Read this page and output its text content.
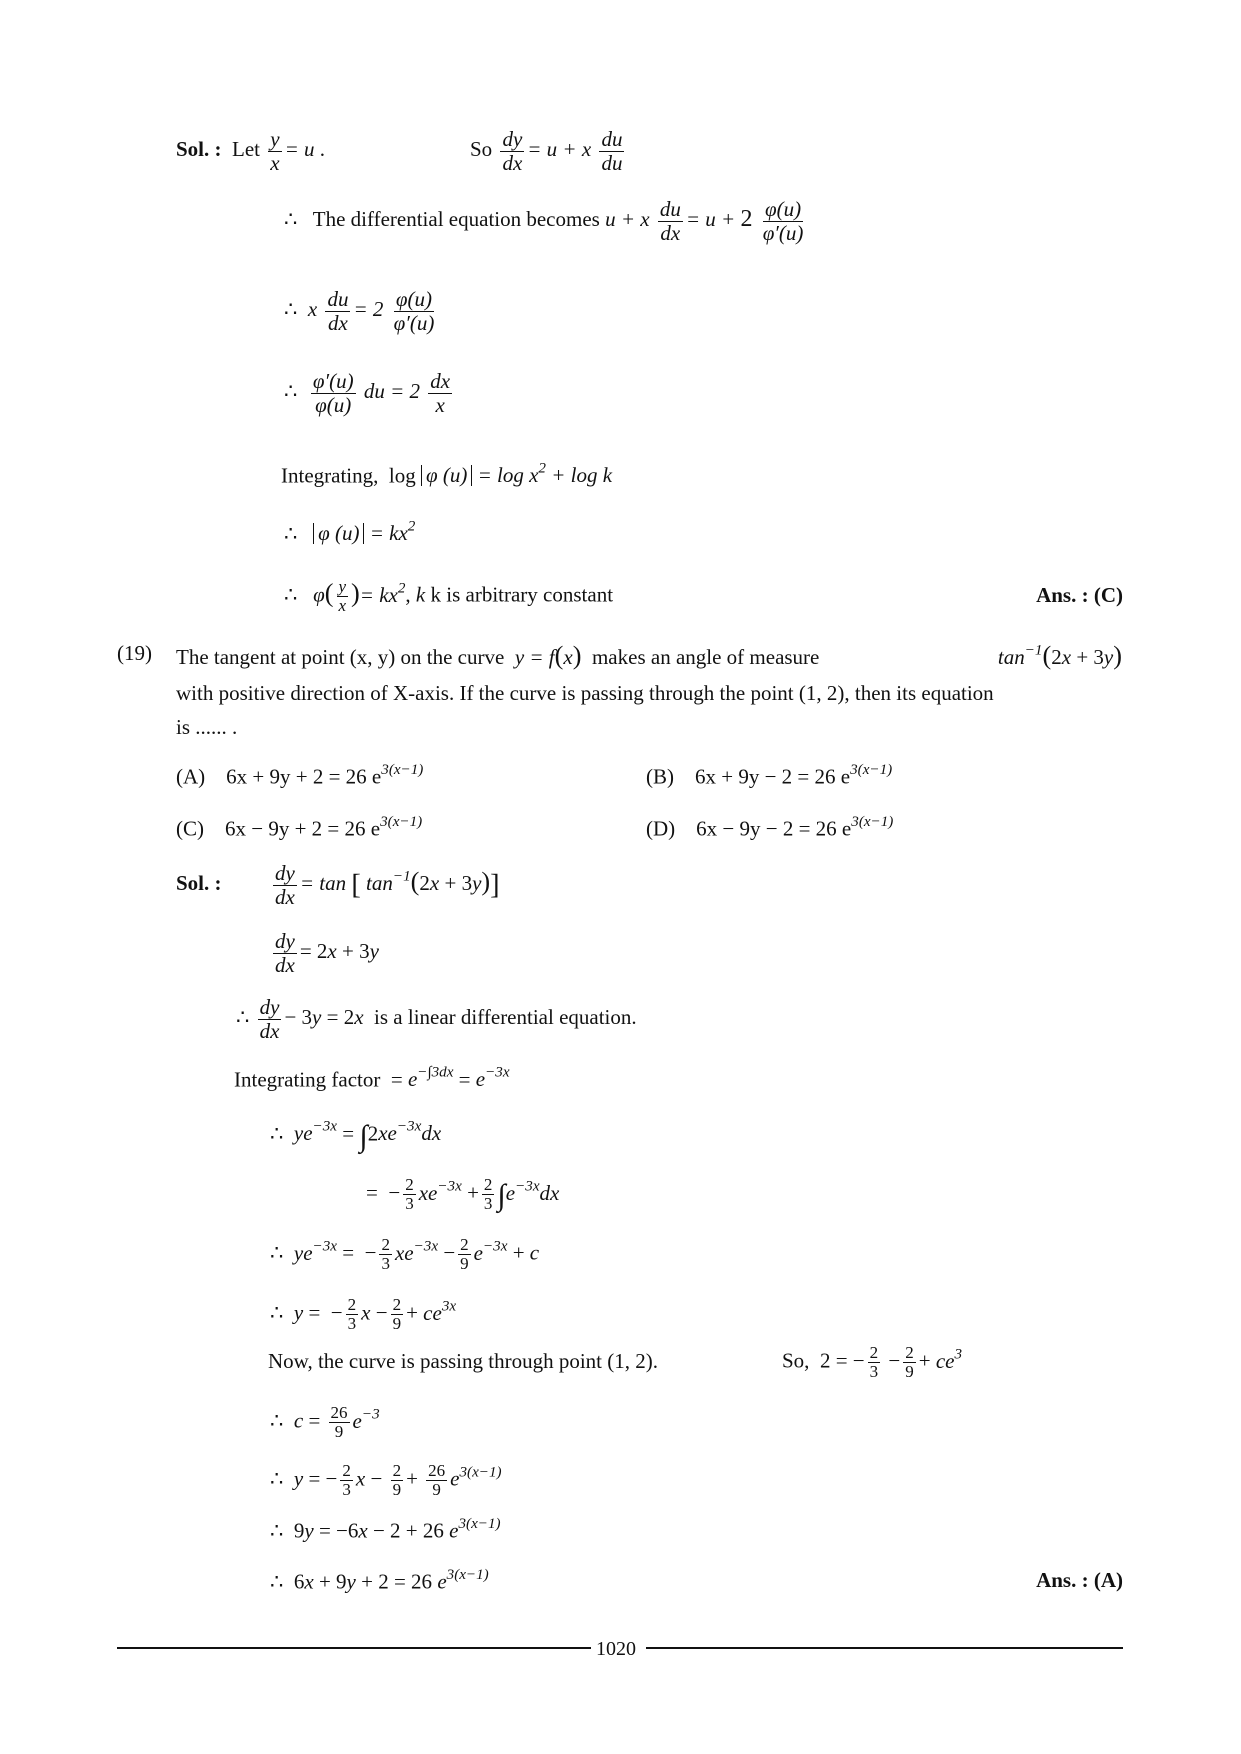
Sol. : Let $\frac{y}{x} = u$ .	So $\frac{dy}{dx} = u + x \frac{du}{du}$
∴ The differential equation becomes u + x $\frac{du}{dx} = u + 2 \frac{\varphi(u)}{\varphi'(u)}$
∴ x $\frac{du}{dx} = 2 \frac{\varphi(u)}{\varphi'(u)}$
∴ $\frac{\varphi'(u)}{\varphi(u)}$ du = $2 \frac{dx}{x}$
Integrating,  log φ $(u) = \log x^2 + \log k$
∴ φ $(u) = kx^2$
∴ $\varphi( \frac{y}{x}$ )= $kx^2$, k k is arbitrary constant	Ans. : (C)
(19) The tangent at point (x, y) on the curve y = f(x) makes an angle of measure	$\tan^{-1}(2x + 3y)$
with positive direction of X-axis. If the curve is passing through the point (1, 2), then its equation
is ...... .
(A) 6x + 9y + 2 = 26 $e^{3(x-1)}$	(B) 6x + 9y − 2 = 26 $e^{3(x-1)}$
(C) 6x − 9y + 2 = 26 $e^{3(x-1)}$	(D) 6x − 9y − 2 = 26 $e^{3(x-1)}$
Sol. : $\frac{dy}{dx} = \tan$ [ $\tan^{-1}(2x + 3y)$]
$\frac{dy}{dx} = 2x + 3y$
∴ $\frac{dy}{dx} - 3y = 2x$ is a linear differential equation.
Integrating factor  = $e^{-\int 3dx} = e^{-3x}$
∴ $ye^{-3x} = \int 2xe^{-3x}dx$
=  − $\frac{2}{3} xe^{-3x} + \frac{2}{3} \int e^{-3x}dx$
∴ $ye^{-3x}$ =  − $\frac{2}{3} xe^{-3x} - \frac{2}{9} e^{-3x} + c$
∴ y =  − $\frac{2}{3}$ $x - \frac{2}{9} + ce^{3x}$
Now, the curve is passing through point (1, 2).	So,  2 = − $\frac{2}{3} - \frac{2}{9} + ce^3$
∴ $c = \frac{26}{9} e^{-3}$
∴ y = − $\frac{2}{3}$ $x - \frac{2}{9} + \frac{26}{9} e^{3(x-1)}$
∴  9y = −6x − 2 + 26 $e^{3(x-1)}$
∴  6x + 9y + 2 = 26 $e^{3(x-1)}$	Ans. : (A)
1020
